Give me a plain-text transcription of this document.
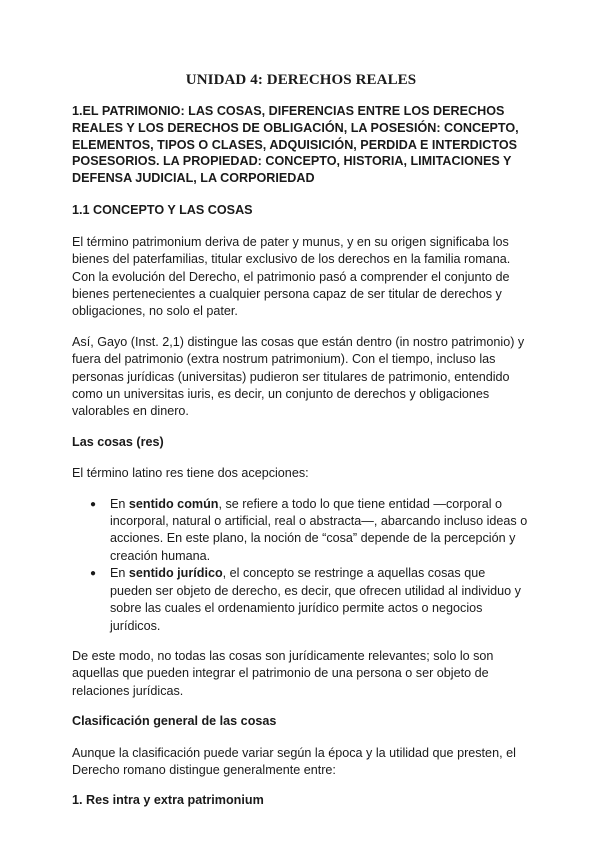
UNIDAD 4: DERECHOS REALES
1.EL PATRIMONIO: LAS COSAS, DIFERENCIAS ENTRE LOS DERECHOS REALES Y LOS DERECHOS DE OBLIGACIÓN, LA POSESIÓN: CONCEPTO, ELEMENTOS, TIPOS O CLASES, ADQUISICIÓN, PERDIDA E INTERDICTOS POSESORIOS. LA PROPIEDAD: CONCEPTO, HISTORIA, LIMITACIONES Y DEFENSA JUDICIAL, LA CORPORIEDAD
1.1 CONCEPTO Y LAS COSAS

El término patrimonium deriva de pater y munus, y en su origen significaba los bienes del paterfamilias, titular exclusivo de los derechos en la familia romana. Con la evolución del Derecho, el patrimonio pasó a comprender el conjunto de bienes pertenecientes a cualquier persona capaz de ser titular de derechos y obligaciones, no solo el pater.

Así, Gayo (Inst. 2,1) distingue las cosas que están dentro (in nostro patrimonio) y fuera del patrimonio (extra nostrum patrimonium). Con el tiempo, incluso las personas jurídicas (universitas) pudieron ser titulares de patrimonio, entendido como un universitas iuris, es decir, un conjunto de derechos y obligaciones valorables en dinero.

Las cosas (res)

El término latino res tiene dos acepciones:

● En sentido común, se refiere a todo lo que tiene entidad —corporal o incorporal, natural o artificial, real o abstracta—, abarcando incluso ideas o acciones. En este plano, la noción de “cosa” depende de la percepción y creación humana.
● En sentido jurídico, el concepto se restringe a aquellas cosas que pueden ser objeto de derecho, es decir, que ofrecen utilidad al individuo y sobre las cuales el ordenamiento jurídico permite actos o negocios jurídicos.

De este modo, no todas las cosas son jurídicamente relevantes; solo lo son aquellas que pueden integrar el patrimonio de una persona o ser objeto de relaciones jurídicas.

Clasificación general de las cosas

Aunque la clasificación puede variar según la época y la utilidad que presten, el Derecho romano distingue generalmente entre:

1. Res intra y extra patrimonium
